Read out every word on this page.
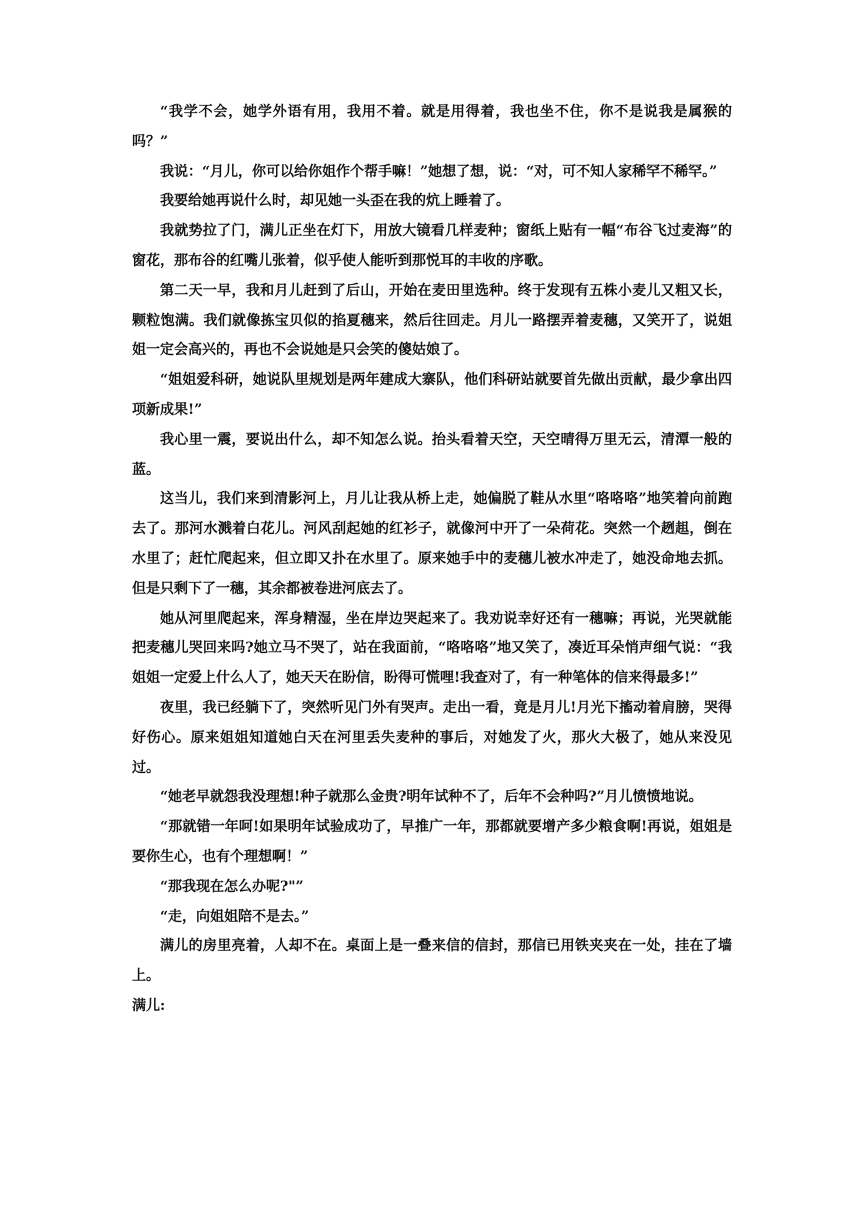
“我学不会，她学外语有用，我用不着。就是用得着，我也坐不住，你不是说我是属猴的吗？”

我说：“月儿，你可以给你姐作个帮手嘛！”她想了想，说：“对，可不知人家稀罕不稀罕。”

我要给她再说什么时，却见她一头歪在我的炕上睡着了。

我就势拉了门，满儿正坐在灯下，用放大镜看几样麦种；窗纸上贴有一幅“布谷飞过麦海”的窗花，那布谷的红嘴儿张着，似乎使人能听到那悦耳的丰收的序歌。

第二天一早，我和月儿赶到了后山，开始在麦田里选种。终于发现有五株小麦儿又粗又长，颗粒饱满。我们就像拣宝贝似的掐夏穗来，然后往回走。月儿一路摆弄着麦穗，又笑开了，说姐姐一定会高兴的，再也不会说她是只会笑的傻姑娘了。

“姐姐爱科研，她说队里规划是两年建成大寨队，他们科研站就要首先做出贡献，最少拿出四项新成果!”

我心里一震，要说出什么，却不知怎么说。抬头看着天空，天空晴得万里无云，清潭一般的蓝。

这当儿，我们来到清影河上，月儿让我从桥上走，她偏脱了鞋从水里“咯咯咯”地笑着向前跑去了。那河水溅着白花儿。河风刮起她的红衫子，就像河中开了一朵荷花。突然一个趔趄，倒在水里了；赶忙爬起来，但立即又扑在水里了。原来她手中的麦穗儿被水冲走了，她没命地去抓。但是只剩下了一穗，其余都被卷进河底去了。

她从河里爬起来，浑身精湿，坐在岸边哭起来了。我劝说幸好还有一穗嘛；再说，光哭就能把麦穗儿哭回来吗?她立马不哭了，站在我面前，“咯咯咯”地又笑了，凑近耳朵悄声细气说：“我姐姐一定爱上什么人了，她天天在盼信，盼得可慌哩!我查对了，有一种笔体的信来得最多!”

夜里，我已经躺下了，突然听见门外有哭声。走出一看，竟是月儿!月光下搐动着肩膀，哭得好伤心。原来姐姐知道她白天在河里丢失麦种的事后，对她发了火，那火大极了，她从来没见过。

“她老早就怨我没理想!种子就那么金贵?明年试种不了，后年不会种吗?”月儿愤愤地说。

“那就错一年呵!如果明年试验成功了，早推广一年，那都就要增产多少粮食啊!再说，姐姐是要你生心，也有个理想啊！”

“那我现在怎么办呢?"”

“走，向姐姐陪不是去。”

满儿的房里亮着，人却不在。桌面上是一叠来信的信封，那信已用铁夹夹在一处，挂在了墙上。

满儿:
